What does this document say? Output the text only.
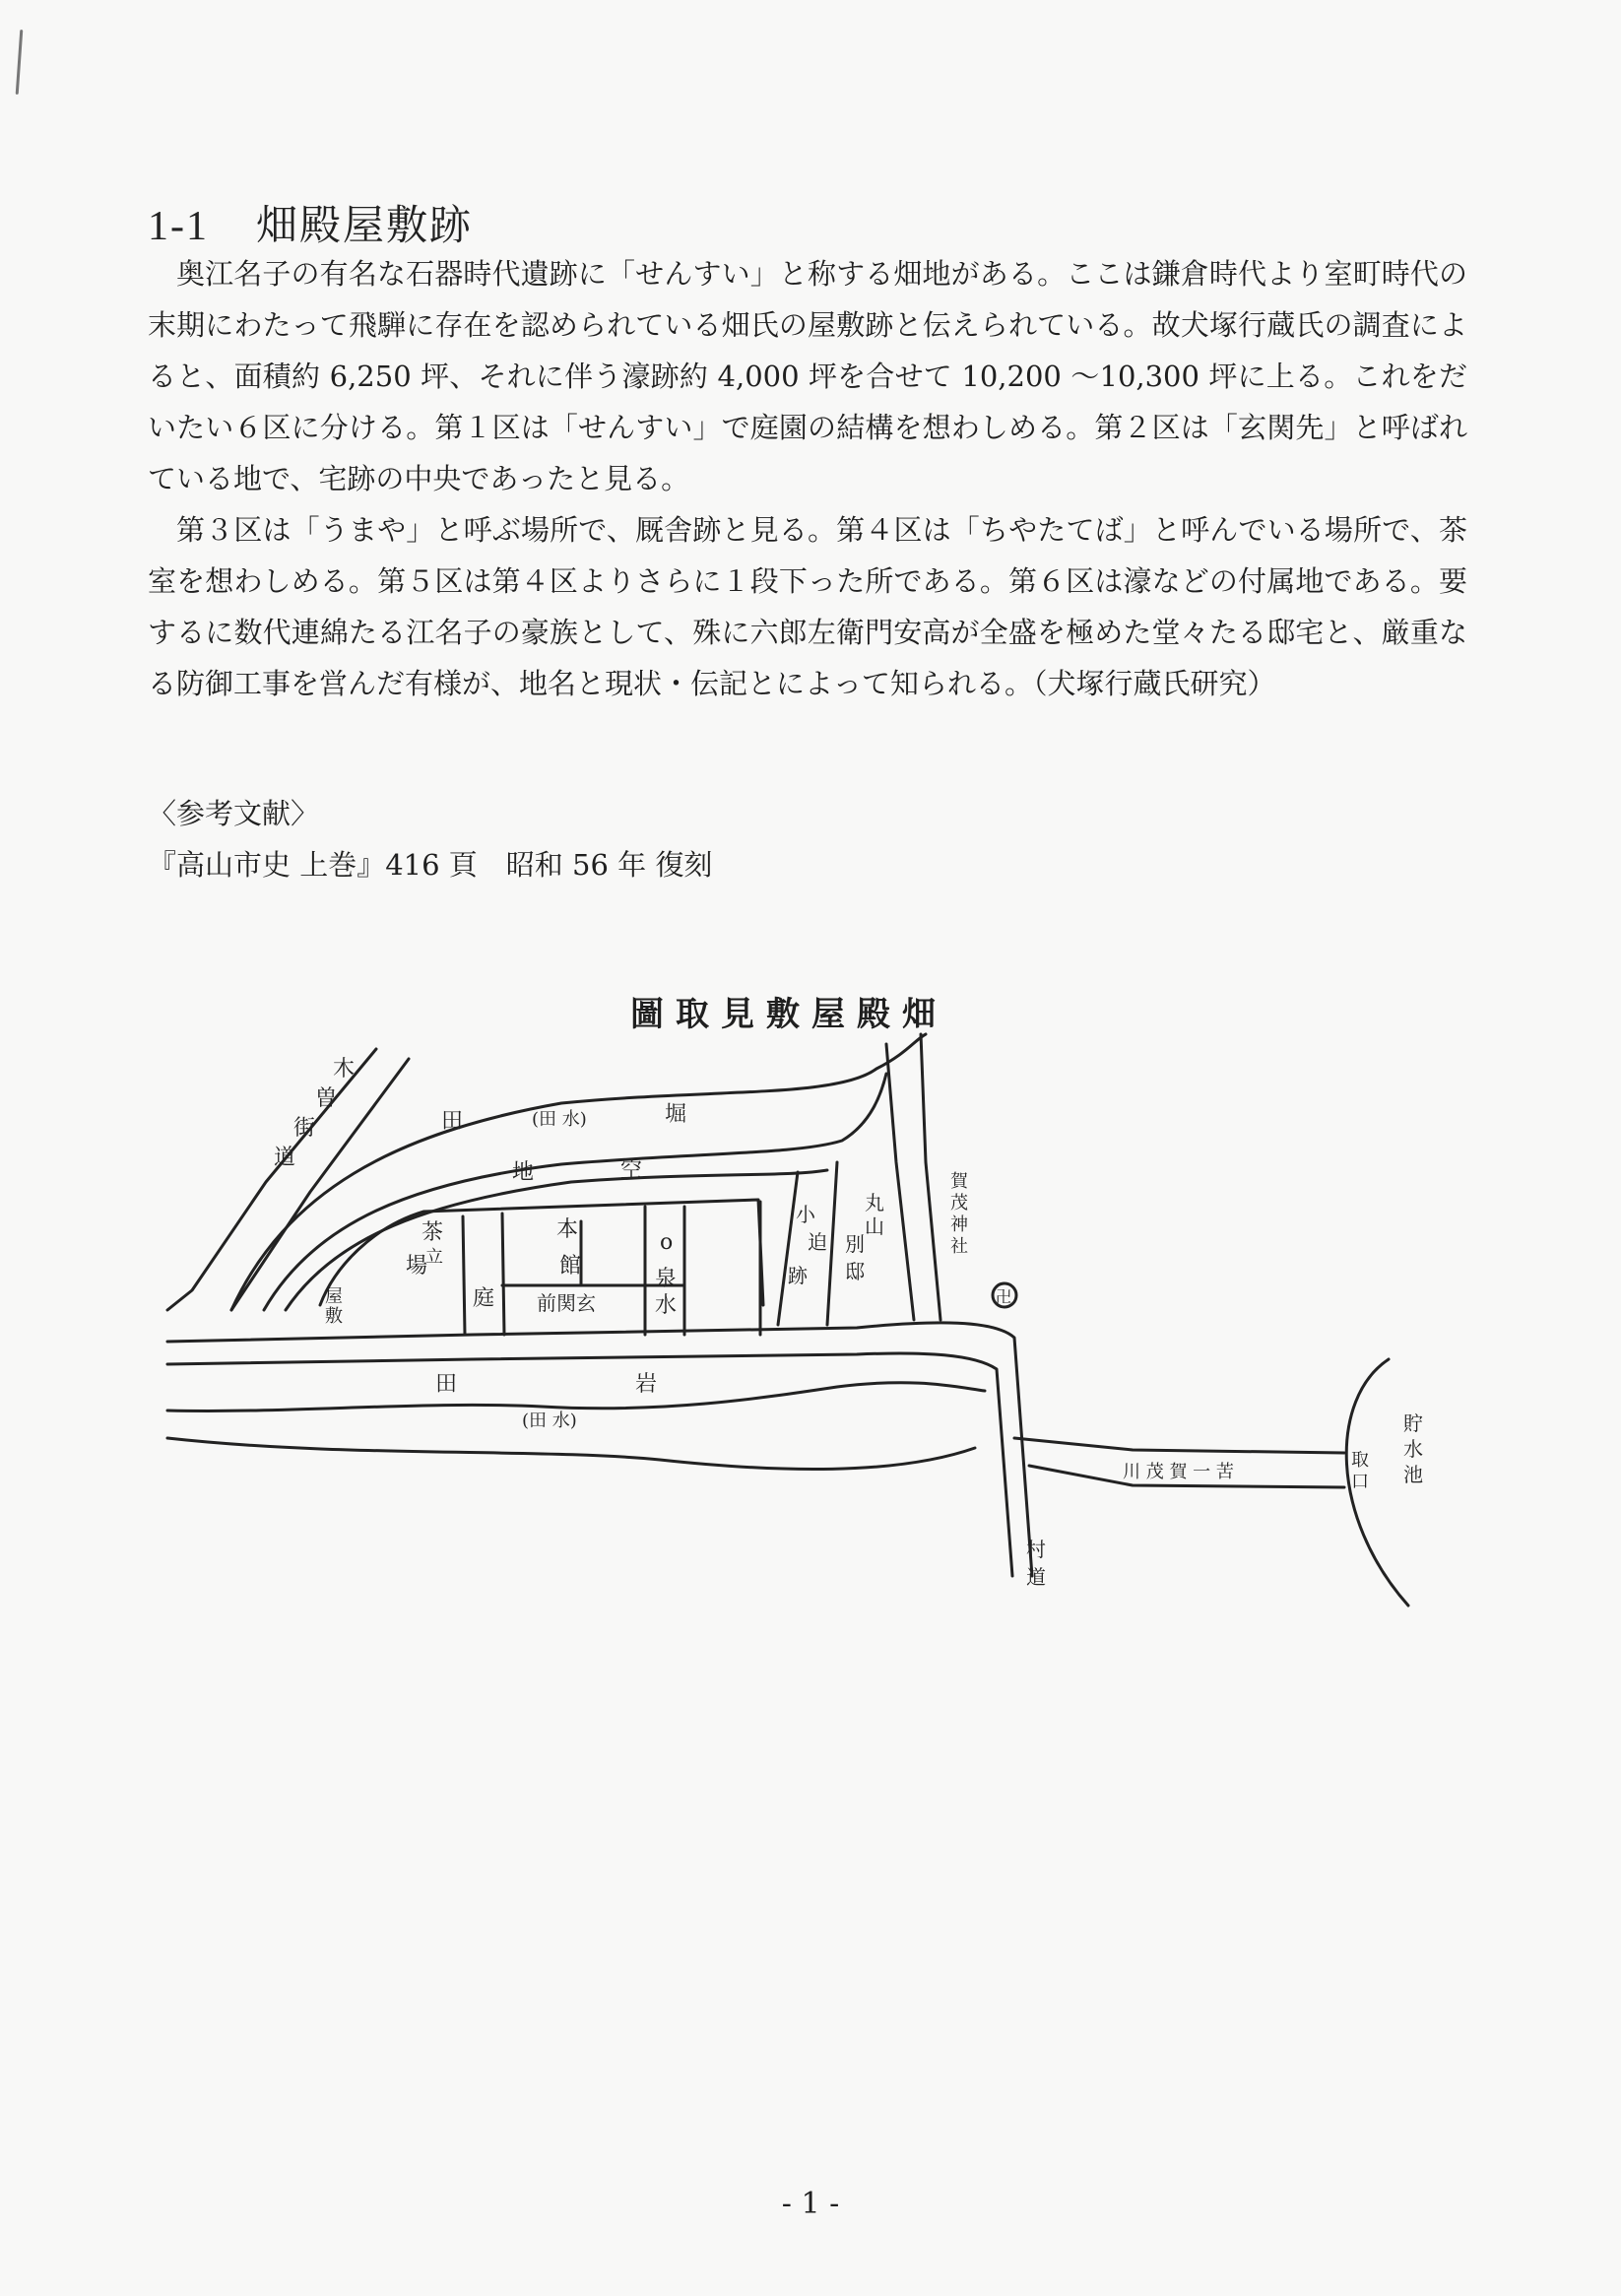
1-1 畑殿屋敷跡

奥江名子の有名な石器時代遺跡に「せんすい」と称する畑地がある。ここは鎌倉時代より室町時代の末期にわたって飛騨に存在を認められている畑氏の屋敷跡と伝えられている。故犬塚行蔵氏の調査によると、面積約 6,250 坪、それに伴う濠跡約 4,000 坪を合せて 10,200 ～10,300 坪に上る。これをだいたい６区に分ける。第１区は「せんすい」で庭園の結構を想わしめる。第２区は「玄関先」と呼ばれている地で、宅跡の中央であったと見る。

第３区は「うまや」と呼ぶ場所で、厩舎跡と見る。第４区は「ちやたてば」と呼んでいる場所で、茶室を想わしめる。第５区は第４区よりさらに１段下った所である。第６区は濠などの付属地である。要するに数代連綿たる江名子の豪族として、殊に六郎左衛門安高が全盛を極めた堂々たる邸宅と、厳重なる防御工事を営んだ有様が、地名と現状・伝記とによって知られる。（犬塚行蔵氏研究）

〈参考文献〉
『高山市史 上巻』416 頁　昭和 56 年 復刻
圖取見敷屋殿畑
木
曽
街
道
田	(田 水)	堀
地	空
本
館
o
泉
水
庭 前関玄
茶
立
場
屋
敷
小
迫
跡
丸
山
別
邸
賀
茂
神
社
卍
田	岩
(田 水)
川 茂 賀 一 苦
村
道
貯
水
池
取
口
- 1 -
